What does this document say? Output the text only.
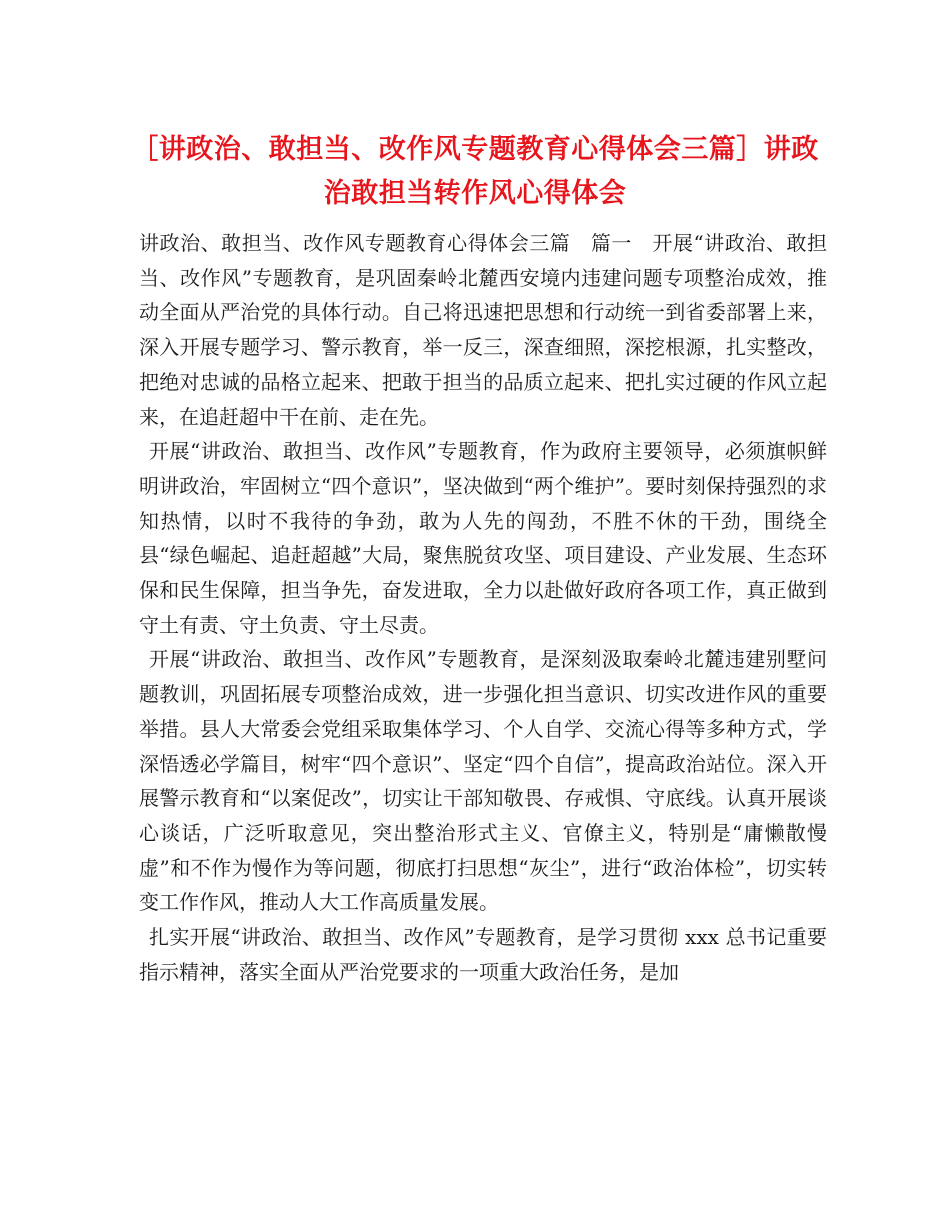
［讲政治、敢担当、改作风专题教育心得体会三篇］讲政治敢担当转作风心得体会

讲政治、敢担当、改作风专题教育心得体会三篇　篇一　开展“讲政治、敢担当、改作风”专题教育，是巩固秦岭北麓西安境内违建问题专项整治成效，推动全面从严治党的具体行动。自己将迅速把思想和行动统一到省委部署上来，深入开展专题学习、警示教育，举一反三，深查细照，深挖根源，扎实整改，把绝对忠诚的品格立起来、把敢于担当的品质立起来、把扎实过硬的作风立起来，在追赶超中干在前、走在先。

开展“讲政治、敢担当、改作风”专题教育，作为政府主要领导，必须旗帜鲜明讲政治，牢固树立“四个意识”，坚决做到“两个维护”。要时刻保持强烈的求知热情，以时不我待的争劲，敢为人先的闯劲，不胜不休的干劲，围绕全县“绿色崛起、追赶超越”大局，聚焦脱贫攻坚、项目建设、产业发展、生态环保和民生保障，担当争先，奋发进取，全力以赴做好政府各项工作，真正做到守土有责、守土负责、守土尽责。

开展“讲政治、敢担当、改作风”专题教育，是深刻汲取秦岭北麓违建别墅问题教训，巩固拓展专项整治成效，进一步强化担当意识、切实改进作风的重要举措。县人大常委会党组采取集体学习、个人自学、交流心得等多种方式，学深悟透必学篇目，树牢“四个意识”、坚定“四个自信”，提高政治站位。深入开展警示教育和“以案促改”，切实让干部知敬畏、存戒惧、守底线。认真开展谈心谈话，广泛听取意见，突出整治形式主义、官僚主义，特别是“庸懒散慢虚”和不作为慢作为等问题，彻底打扫思想“灰尘”，进行“政治体检”，切实转变工作作风，推动人大工作高质量发展。

扎实开展“讲政治、敢担当、改作风”专题教育，是学习贯彻 xxx 总书记重要指示精神，落实全面从严治党要求的一项重大政治任务，是加
